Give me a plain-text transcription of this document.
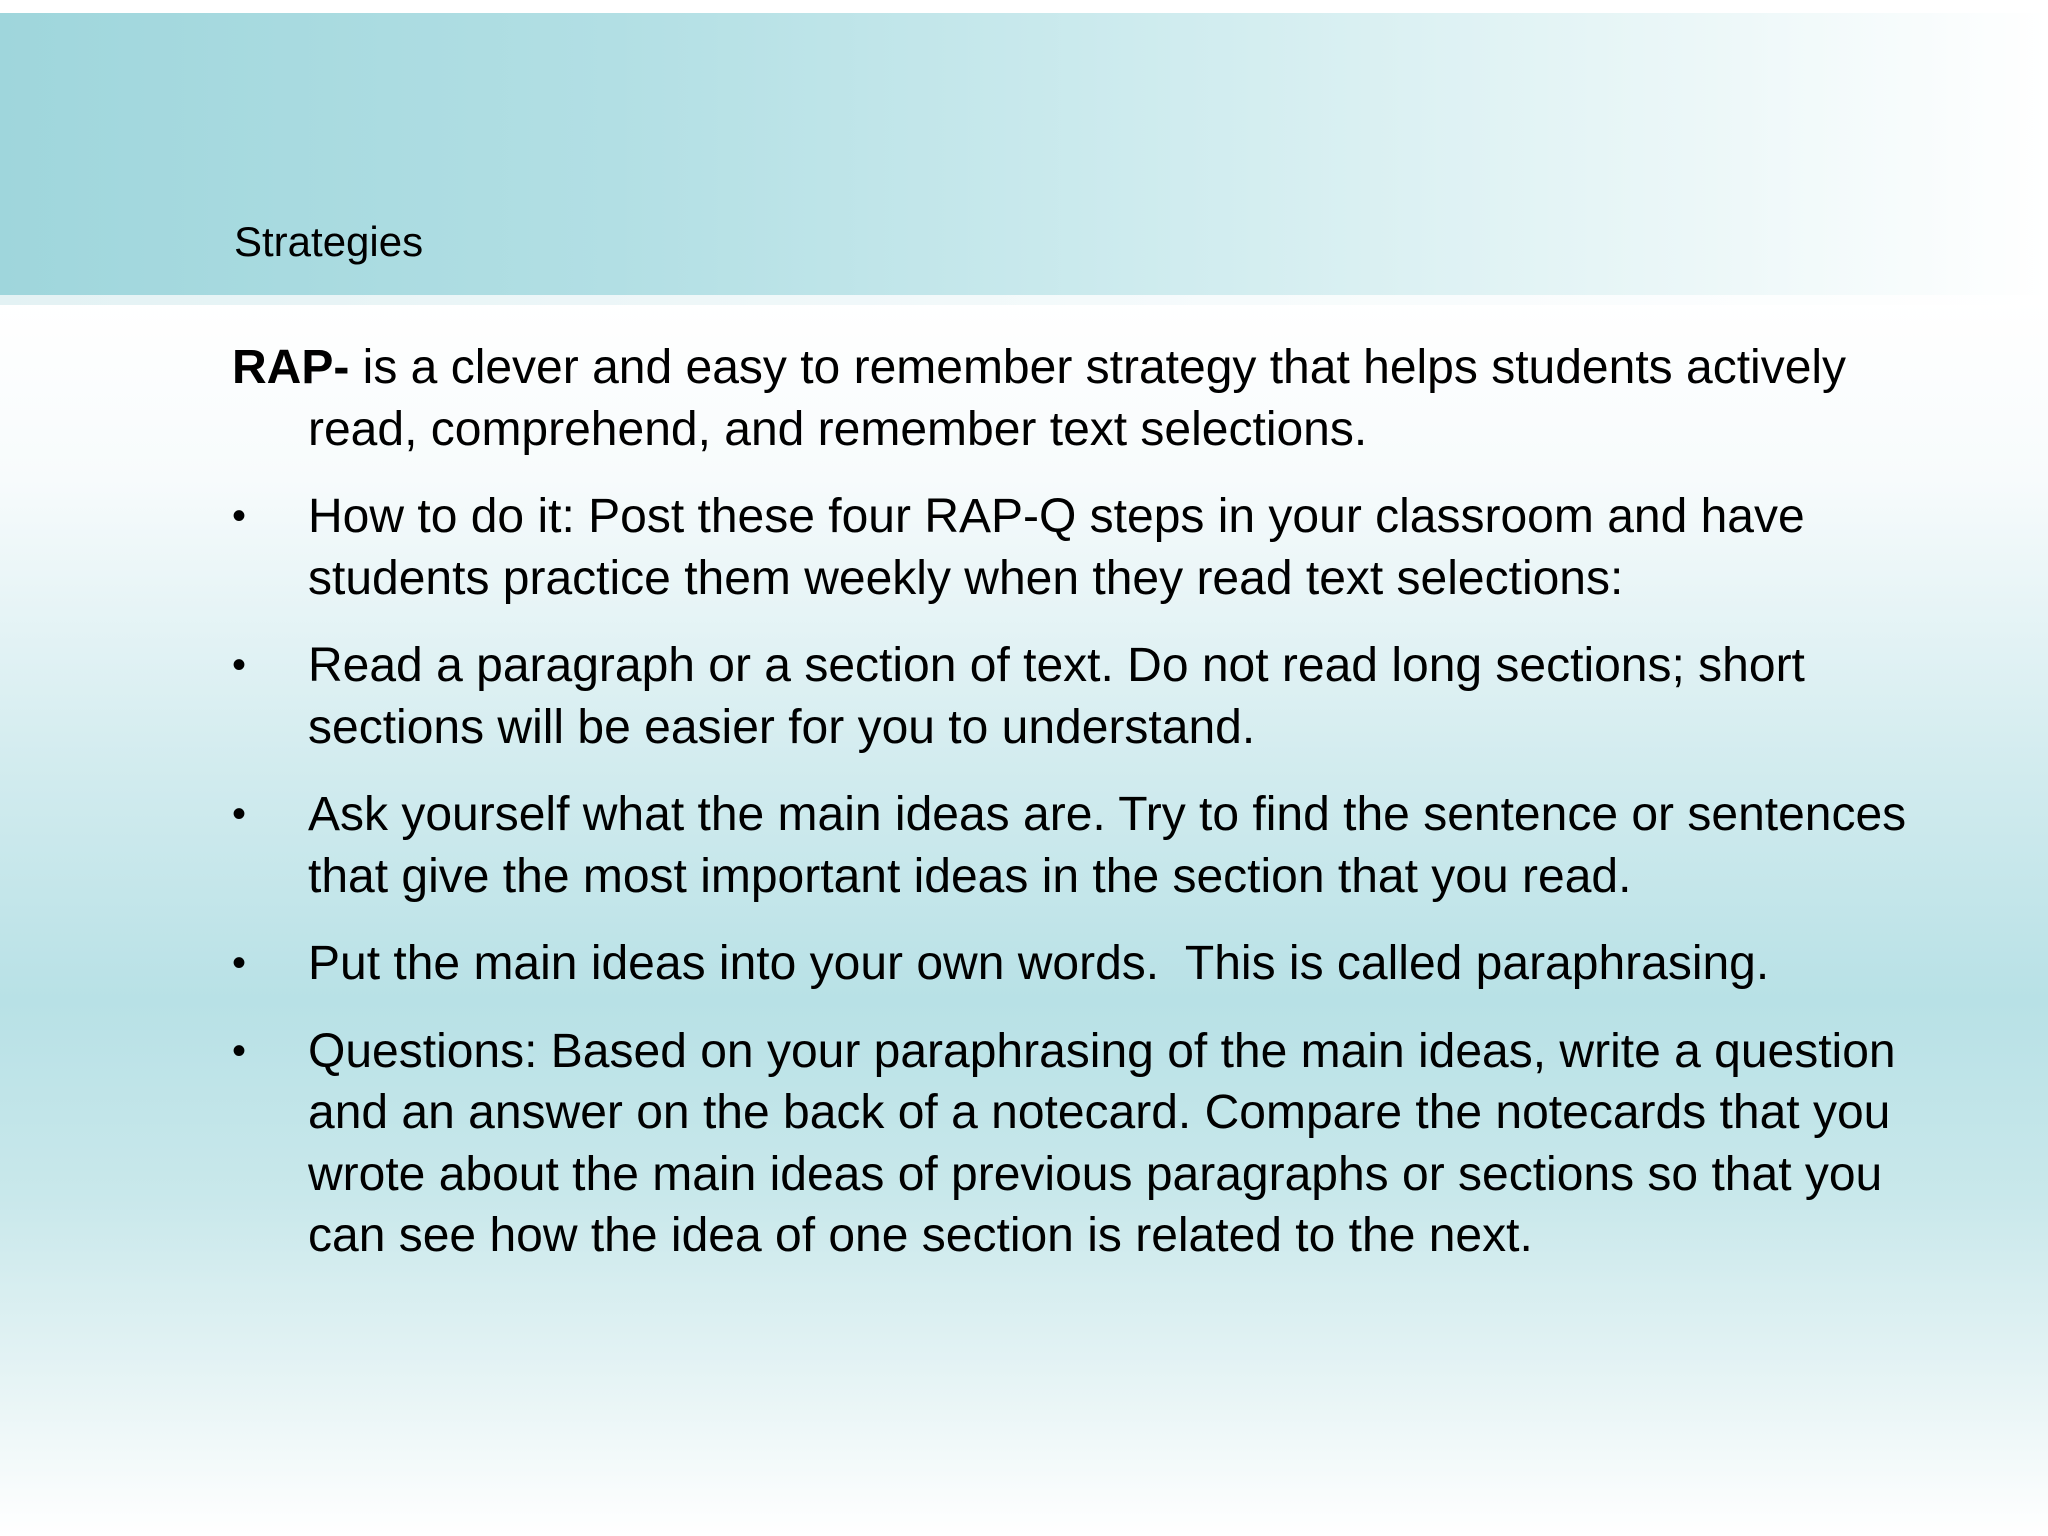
Strategies

RAP- is a clever and easy to remember strategy that helps students actively read, comprehend, and remember text selections.

• How to do it: Post these four RAP-Q steps in your classroom and have students practice them weekly when they read text selections:
• Read a paragraph or a section of text. Do not read long sections; short sections will be easier for you to understand.
• Ask yourself what the main ideas are. Try to find the sentence or sentences that give the most important ideas in the section that you read.
• Put the main ideas into your own words.  This is called paraphrasing.
• Questions: Based on your paraphrasing of the main ideas, write a question and an answer on the back of a notecard. Compare the notecards that you wrote about the main ideas of previous paragraphs or sections so that you can see how the idea of one section is related to the next.
